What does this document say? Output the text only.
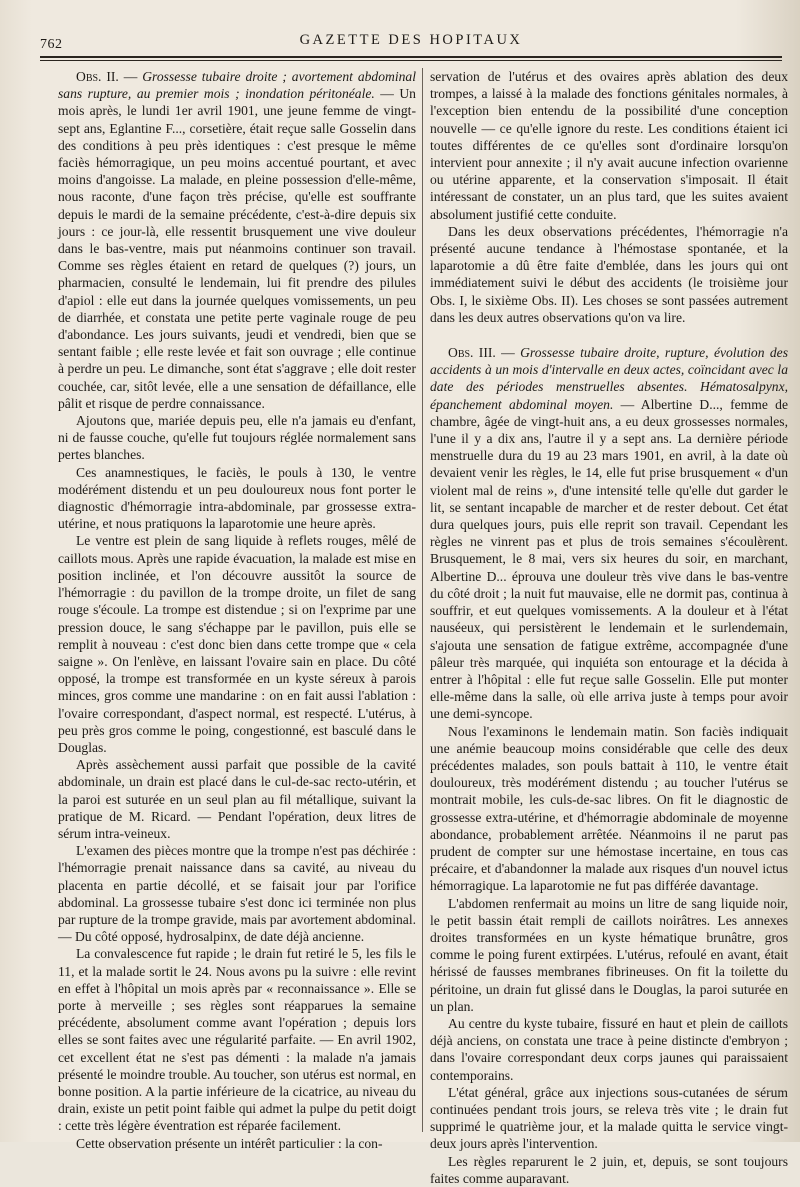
762	GAZETTE DES HOPITAUX

Obs. II. — Grossesse tubaire droite ; avortement abdominal sans rupture, au premier mois ; inondation péritonéale. — Un mois après, le lundi 1er avril 1901, une jeune femme de vingt-sept ans, Eglantine F..., corsetière, était reçue salle Gosselin dans des conditions à peu près identiques : c'est presque le même faciès hémorragique, un peu moins accentué pourtant, et avec moins d'angoisse. La malade, en pleine possession d'elle-même, nous raconte, d'une façon très précise, qu'elle est souffrante depuis le mardi de la semaine précédente, c'est-à-dire depuis six jours : ce jour-là, elle ressentit brusquement une vive douleur dans le bas-ventre, mais put néanmoins continuer son travail. Comme ses règles étaient en retard de quelques (?) jours, un pharmacien, consulté le lendemain, lui fit prendre des pilules d'apiol : elle eut dans la journée quelques vomissements, un peu de diarrhée, et constata une petite perte vaginale rouge de peu d'abondance. Les jours suivants, jeudi et vendredi, bien que se sentant faible ; elle reste levée et fait son ouvrage ; elle continue à perdre un peu. Le dimanche, sont état s'aggrave ; elle doit rester couchée, car, sitôt levée, elle a une sensation de défaillance, elle pâlit et risque de perdre connaissance.

Ajoutons que, mariée depuis peu, elle n'a jamais eu d'enfant, ni de fausse couche, qu'elle fut toujours réglée normalement sans pertes blanches.

Ces anamnestiques, le faciès, le pouls à 130, le ventre modérément distendu et un peu douloureux nous font porter le diagnostic d'hémorragie intra-abdominale, par grossesse extra-utérine, et nous pratiquons la laparotomie une heure après.

Le ventre est plein de sang liquide à reflets rouges, mêlé de caillots mous. Après une rapide évacuation, la malade est mise en position inclinée, et l'on découvre aussitôt la source de l'hémorragie : du pavillon de la trompe droite, un filet de sang rouge s'écoule. La trompe est distendue ; si on l'exprime par une pression douce, le sang s'échappe par le pavillon, puis elle se remplit à nouveau : c'est donc bien dans cette trompe que « cela saigne ». On l'enlève, en laissant l'ovaire sain en place. Du côté opposé, la trompe est transformée en un kyste séreux à parois minces, gros comme une mandarine : on en fait aussi l'ablation : l'ovaire correspondant, d'aspect normal, est respecté. L'utérus, à peu près gros comme le poing, congestionné, est basculé dans le Douglas.

Après assèchement aussi parfait que possible de la cavité abdominale, un drain est placé dans le cul-de-sac recto-utérin, et la paroi est suturée en un seul plan au fil métallique, suivant la pratique de M. Ricard. — Pendant l'opération, deux litres de sérum intra-veineux.

L'examen des pièces montre que la trompe n'est pas déchirée : l'hémorragie prenait naissance dans sa cavité, au niveau du placenta en partie décollé, et se faisait jour par l'orifice abdominal. La grossesse tubaire s'est donc ici terminée non plus par rupture de la trompe gravide, mais par avortement abdominal. — Du côté opposé, hydrosalpinx, de date déjà ancienne.

La convalescence fut rapide ; le drain fut retiré le 5, les fils le 11, et la malade sortit le 24. Nous avons pu la suivre : elle revint en effet à l'hôpital un mois après par « reconnaissance ». Elle se porte à merveille ; ses règles sont réapparues la semaine précédente, absolument comme avant l'opération ; depuis lors elles se sont faites avec une régularité parfaite. — En avril 1902, cet excellent état ne s'est pas démenti : la malade n'a jamais présenté le moindre trouble. Au toucher, son utérus est normal, en bonne position. A la partie inférieure de la cicatrice, au niveau du drain, existe un petit point faible qui admet la pulpe du petit doigt : cette très légère éventration est réparée facilement.

Cette observation présente un intérêt particulier : la con-

servation de l'utérus et des ovaires après ablation des deux trompes, a laissé à la malade des fonctions génitales normales, à l'exception bien entendu de la possibilité d'une conception nouvelle — ce qu'elle ignore du reste. Les conditions étaient ici toutes différentes de ce qu'elles sont d'ordinaire lorsqu'on intervient pour annexite ; il n'y avait aucune infection ovarienne ou utérine apparente, et la conservation s'imposait. Il était intéressant de constater, un an plus tard, que les suites avaient absolument justifié cette conduite.

Dans les deux observations précédentes, l'hémorragie n'a présenté aucune tendance à l'hémostase spontanée, et la laparotomie a dû être faite d'emblée, dans les jours qui ont immédiatement suivi le début des accidents (le troisième jour Obs. I, le sixième Obs. II). Les choses se sont passées autrement dans les deux autres observations qu'on va lire.

Obs. III. — Grossesse tubaire droite, rupture, évolution des accidents à un mois d'intervalle en deux actes, coïncidant avec la date des périodes menstruelles absentes. Hématosalpynx, épanchement abdominal moyen. — Albertine D..., femme de chambre, âgée de vingt-huit ans, a eu deux grossesses normales, l'une il y a dix ans, l'autre il y a sept ans. La dernière période menstruelle dura du 19 au 23 mars 1901, en avril, à la date où devaient venir les règles, le 14, elle fut prise brusquement « d'un violent mal de reins », d'une intensité telle qu'elle dut garder le lit, se sentant incapable de marcher et de rester debout. Cet état dura quelques jours, puis elle reprit son travail. Cependant les règles ne vinrent pas et plus de trois semaines s'écoulèrent. Brusquement, le 8 mai, vers six heures du soir, en marchant, Albertine D... éprouva une douleur très vive dans le bas-ventre du côté droit ; la nuit fut mauvaise, elle ne dormit pas, continua à souffrir, et eut quelques vomissements. A la douleur et à l'état nauséeux, qui persistèrent le lendemain et le surlendemain, s'ajouta une sensation de fatigue extrême, accompagnée d'une pâleur très marquée, qui inquiéta son entourage et la décida à entrer à l'hôpital : elle fut reçue salle Gosselin. Elle put monter elle-même dans la salle, où elle arriva juste à temps pour avoir une demi-syncope.

Nous l'examinons le lendemain matin. Son faciès indiquait une anémie beaucoup moins considérable que celle des deux précédentes malades, son pouls battait à 110, le ventre était douloureux, très modérément distendu ; au toucher l'utérus se montrait mobile, les culs-de-sac libres. On fit le diagnostic de grossesse extra-utérine, et d'hémorragie abdominale de moyenne abondance, probablement arrêtée. Néanmoins il ne parut pas prudent de compter sur une hémostase incertaine, en tous cas précaire, et d'abandonner la malade aux risques d'un nouvel ictus hémorragique. La laparotomie ne fut pas différée davantage.

L'abdomen renfermait au moins un litre de sang liquide noir, le petit bassin était rempli de caillots noirâtres. Les annexes droites transformées en un kyste hématique brunâtre, gros comme le poing furent extirpées. L'utérus, refoulé en avant, était hérissé de fausses membranes fibrineuses. On fit la toilette du péritoine, un drain fut glissé dans le Douglas, la paroi suturée en un plan.

Au centre du kyste tubaire, fissuré en haut et plein de caillots déjà anciens, on constata une trace à peine distincte d'embryon ; dans l'ovaire correspondant deux corps jaunes qui paraissaient contemporains.

L'état général, grâce aux injections sous-cutanées de sérum continuées pendant trois jours, se releva très vite ; le drain fut supprimé le quatrième jour, et la malade quitta le service vingt-deux jours après l'intervention.

Les règles reparurent le 2 juin, et, depuis, se sont toujours faites comme auparavant.
